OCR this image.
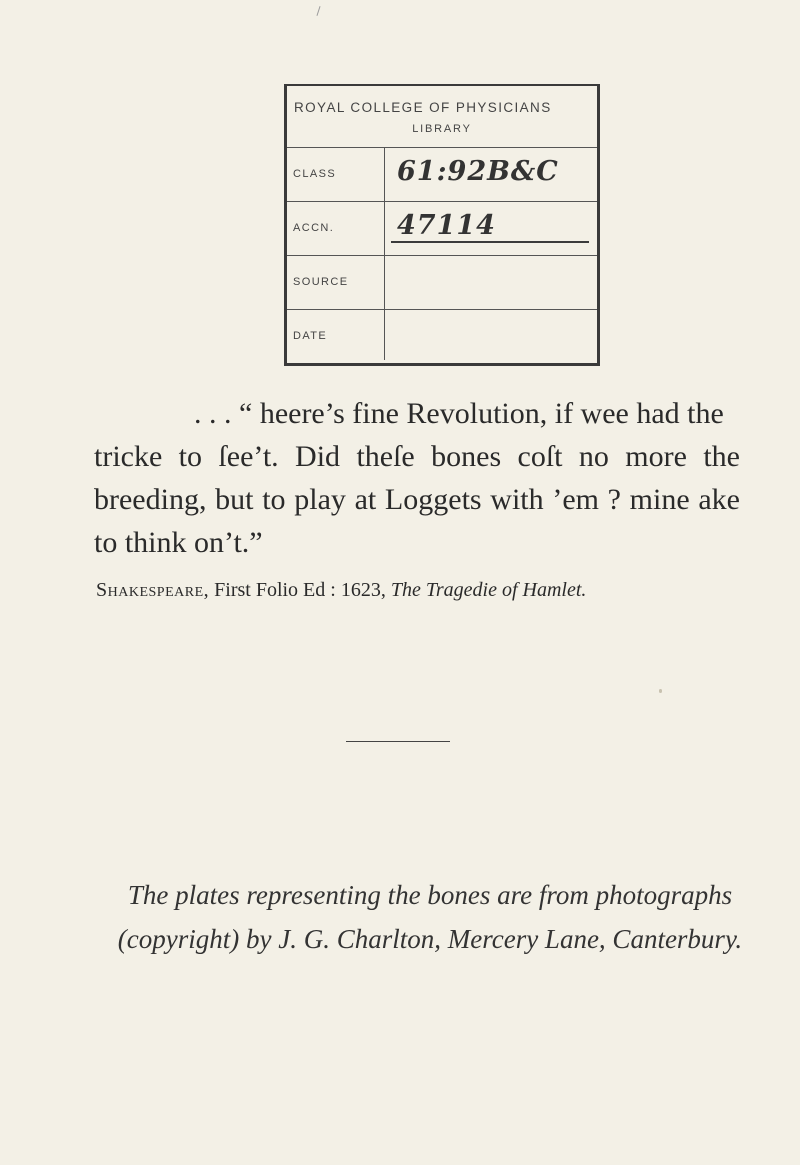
ROYAL COLLEGE OF PHYSICIANS
LIBRARY
CLASS 61:92B&C
ACCN. 47114
SOURCE
DATE
. . . “ heere’s fine Revolution, if wee had the
tricke to ſee’t. Did theſe bones coſt no more the breeding, but to play at Loggets with ’em ? mine ake to think on’t.”
Shakespeare, First Folio Ed : 1623, The Tragedie of Hamlet.
The plates representing the bones are from photographs
(copyright) by J. G. Charlton, Mercery Lane, Canterbury.
